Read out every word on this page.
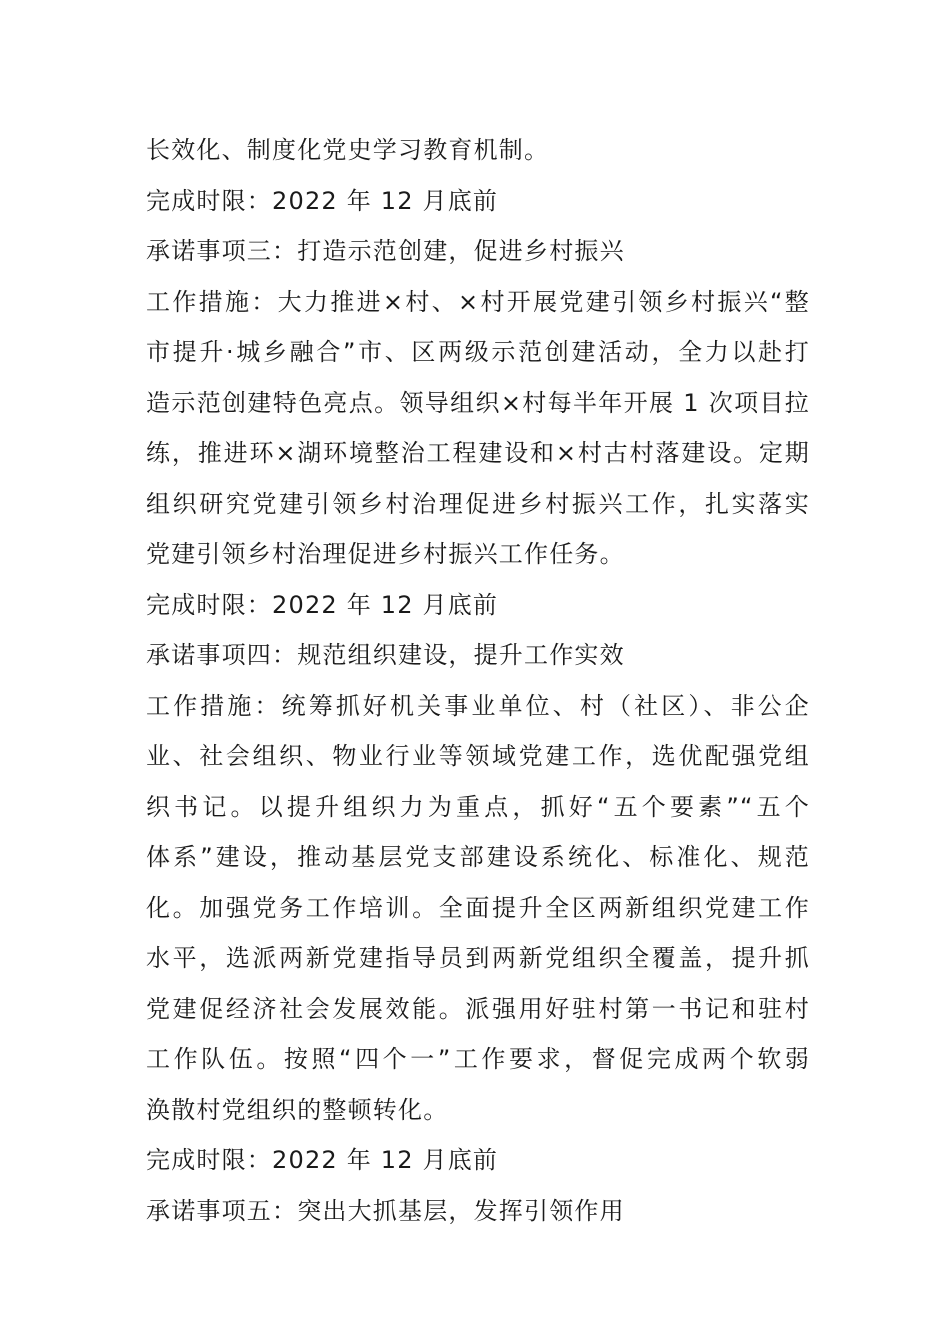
长效化、制度化党史学习教育机制。
完成时限：2022 年 12 月底前
承诺事项三：打造示范创建，促进乡村振兴
工作措施：大力推进×村、×村开展党建引领乡村振兴“整
市提升·城乡融合”市、区两级示范创建活动，全力以赴打
造示范创建特色亮点。领导组织×村每半年开展 1 次项目拉
练，推进环×湖环境整治工程建设和×村古村落建设。定期
组织研究党建引领乡村治理促进乡村振兴工作，扎实落实
党建引领乡村治理促进乡村振兴工作任务。
完成时限：2022 年 12 月底前
承诺事项四：规范组织建设，提升工作实效
工作措施：统筹抓好机关事业单位、村（社区）、非公企
业、社会组织、物业行业等领域党建工作，选优配强党组
织书记。以提升组织力为重点，抓好“五个要素”“五个
体系”建设，推动基层党支部建设系统化、标准化、规范
化。加强党务工作培训。全面提升全区两新组织党建工作
水平，选派两新党建指导员到两新党组织全覆盖，提升抓
党建促经济社会发展效能。派强用好驻村第一书记和驻村
工作队伍。按照“四个一”工作要求，督促完成两个软弱
涣散村党组织的整顿转化。
完成时限：2022 年 12 月底前
承诺事项五：突出大抓基层，发挥引领作用
